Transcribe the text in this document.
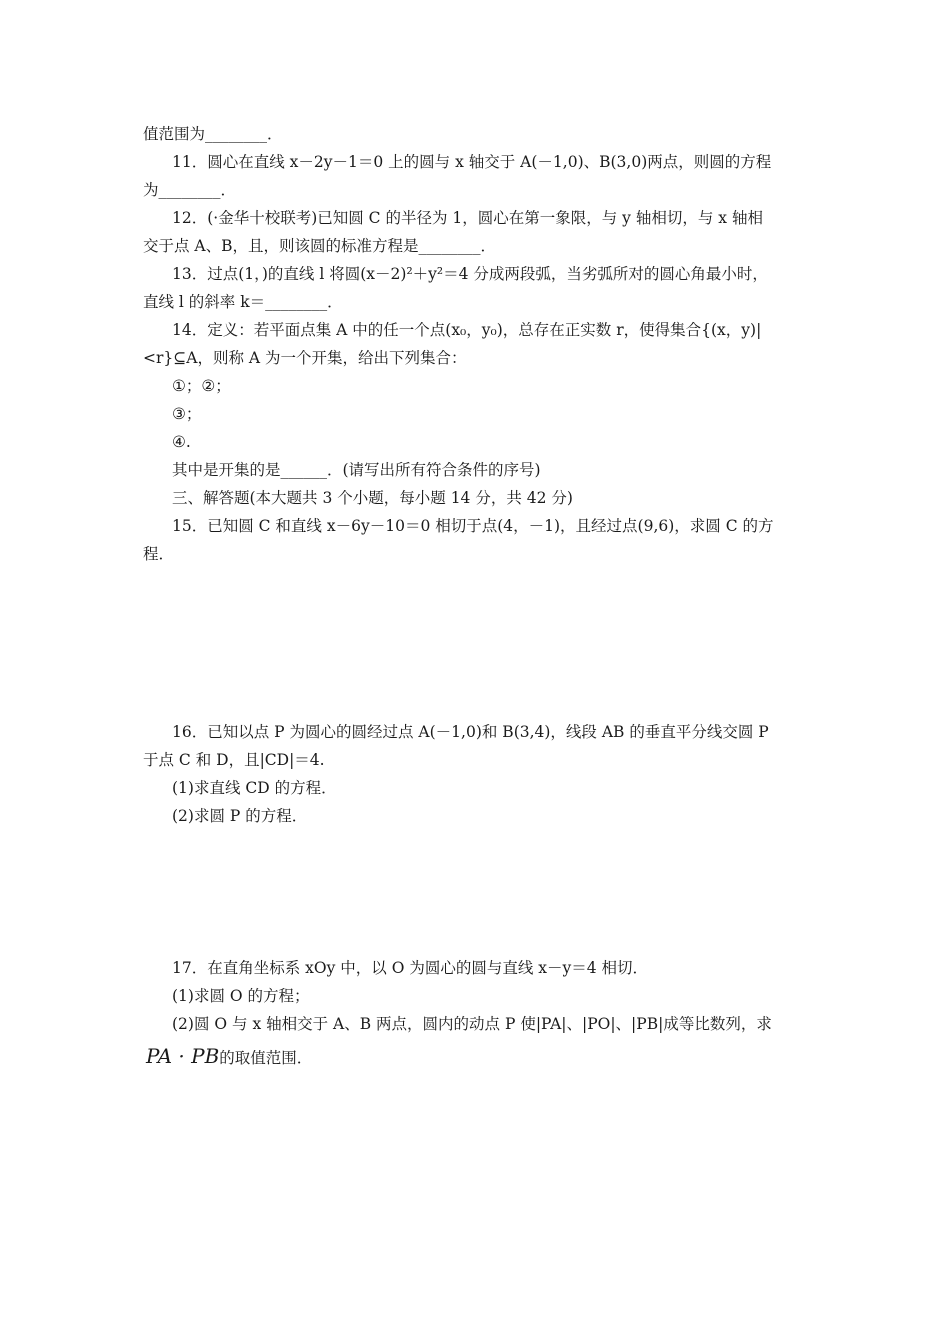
值范围为________．
11．圆心在直线 x－2y－1＝0 上的圆与 x 轴交于 A(－1,0)、B(3,0)两点，则圆的方程
为________．
12．(·金华十校联考)已知圆 C 的半径为 1，圆心在第一象限，与 y 轴相切，与 x 轴相
交于点 A、B，且，则该圆的标准方程是________．
13．过点(1，)的直线 l 将圆(x－2)²＋y²＝4 分成两段弧，当劣弧所对的圆心角最小时，
直线 l 的斜率 k＝________．
14．定义：若平面点集 A 中的任一个点(x₀，y₀)，总存在正实数 r，使得集合{(x，y)|
<r}⊆A，则称 A 为一个开集，给出下列集合：
①；②；
③；
④.
其中是开集的是______．(请写出所有符合条件的序号)
三、解答题(本大题共 3 个小题，每小题 14 分，共 42 分)
15．已知圆 C 和直线 x－6y－10＝0 相切于点(4，－1)，且经过点(9,6)，求圆 C 的方
程．
16．已知以点 P 为圆心的圆经过点 A(－1,0)和 B(3,4)，线段 AB 的垂直平分线交圆 P
于点 C 和 D，且|CD|＝4.
(1)求直线 CD 的方程．
(2)求圆 P 的方程．
17．在直角坐标系 xOy 中，以 O 为圆心的圆与直线 x－y＝4 相切．
(1)求圆 O 的方程；
(2)圆 O 与 x 轴相交于 A、B 两点，圆内的动点 P 使|PA|、|PO|、|PB|成等比数列，求
PA · PB的取值范围．
